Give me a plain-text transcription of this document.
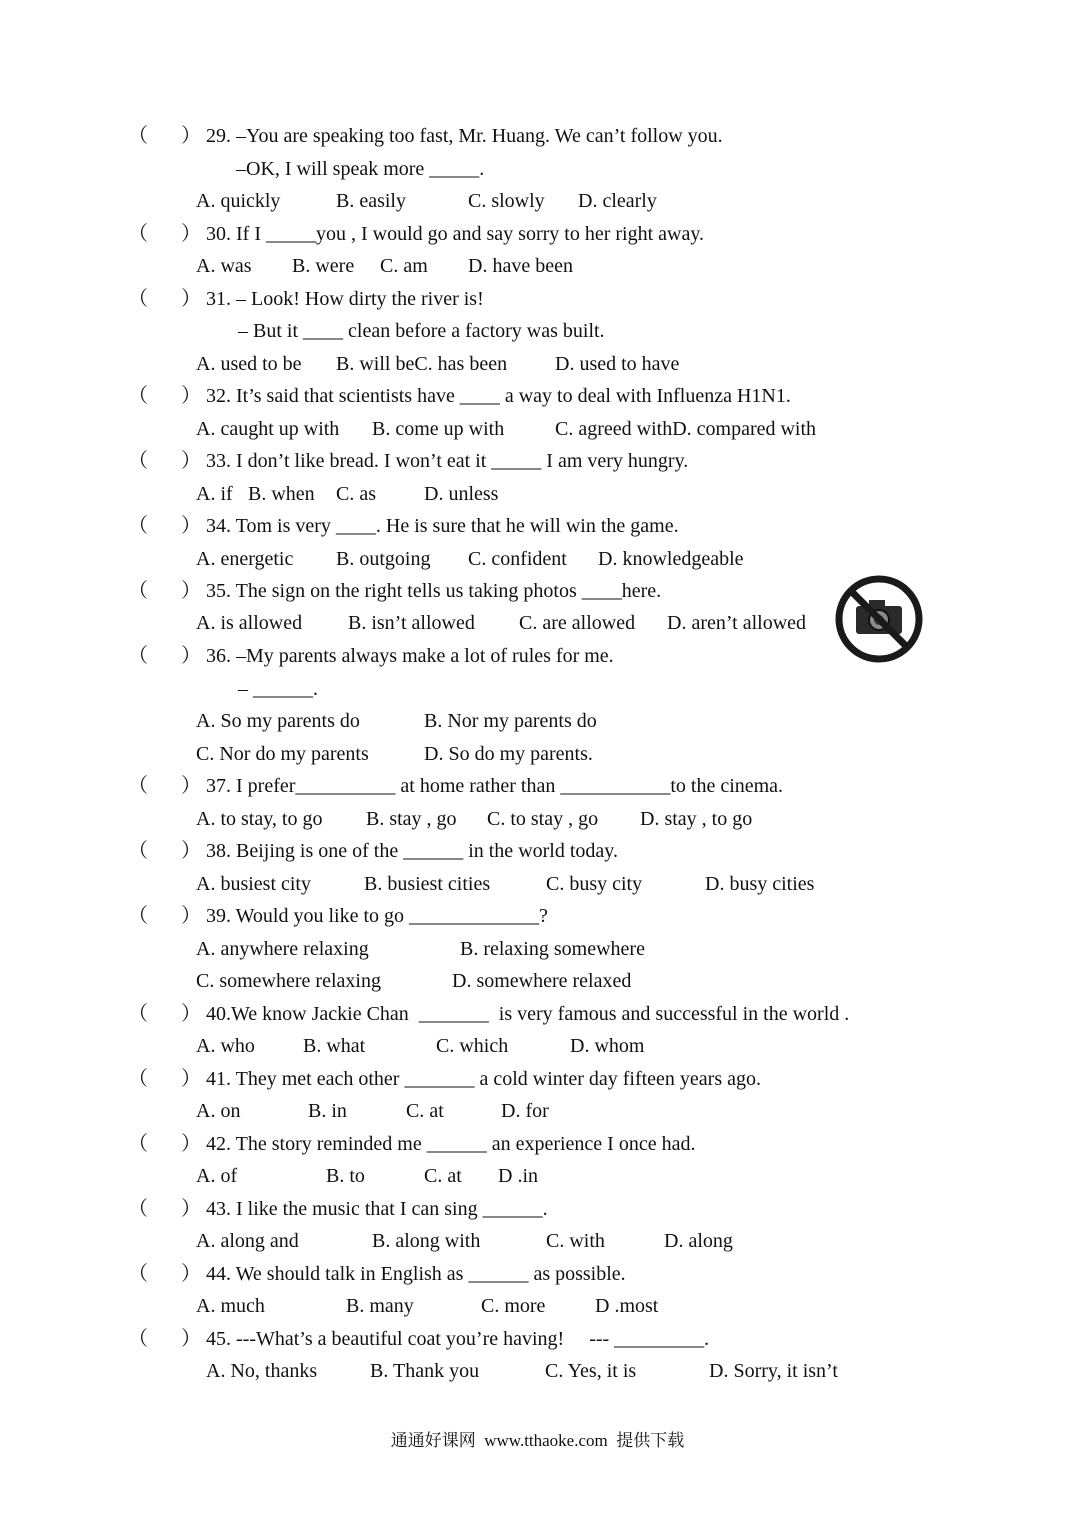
（ ） 29. –You are speaking too fast, Mr. Huang. We can’t follow you.
–OK, I will speak more _____.
A. quickly	B. easily	C. slowly D. clearly
（ ） 30. If I _____you , I would go and say sorry to her right away.
A. was B. were C. am D. have been
（ ） 31. – Look! How dirty the river is!
– But it ____ clean before a factory was built.
A. used to be B. will beC. has been D. used to have
（ ） 32. It’s said that scientists have ____ a way to deal with Influenza H1N1.
A. caught up with B. come up with	C. agreed withD. compared with
（ ） 33. I don’t like bread. I won’t eat it _____ I am very hungry.
A. if B. when C. as D. unless
（ ） 34. Tom is very ____. He is sure that he will win the game.
A. energetic B. outgoing C. confident D. knowledgeable
（ ） 35. The sign on the right tells us taking photos ____here.
A. is allowed B. isn’t allowed C. are allowed D. aren’t allowed
（ ） 36. –My parents always make a lot of rules for me.
– ______.
A. So my parents do	B. Nor my parents do
C. Nor do my parents	D. So do my parents.
（ ） 37. I prefer__________ at home rather than ___________to the cinema.
A. to stay, to go B. stay , go C. to stay , go D. stay , to go
（ ） 38. Beijing is one of the ______ in the world today.
A. busiest city	B. busiest cities	C. busy city	D. busy cities
（ ） 39. Would you like to go _____________?
A. anywhere relaxing	B. relaxing somewhere
C. somewhere relaxing	D. somewhere relaxed
（ ） 40.We know Jackie Chan  _______  is very famous and successful in the world .
A. who B. what	C. which	D. whom
（ ） 41. They met each other _______ a cold winter day fifteen years ago.
A. on	B. in	C. at	D. for
（ ） 42. The story reminded me ______ an experience I once had.
A. of	B. to	C. at D .in
（ ） 43. I like the music that I can sing ______.
A. along and	B. along with	C. with	D. along
（ ） 44. We should talk in English as ______ as possible.
A. much	B. many	C. more D .most
（ ） 45. ---What’s a beautiful coat you’re having!     --- _________.
A. No, thanks	B. Thank you	C. Yes, it is	D. Sorry, it isn’t
通通好课网  www.tthaoke.com  提供下载
